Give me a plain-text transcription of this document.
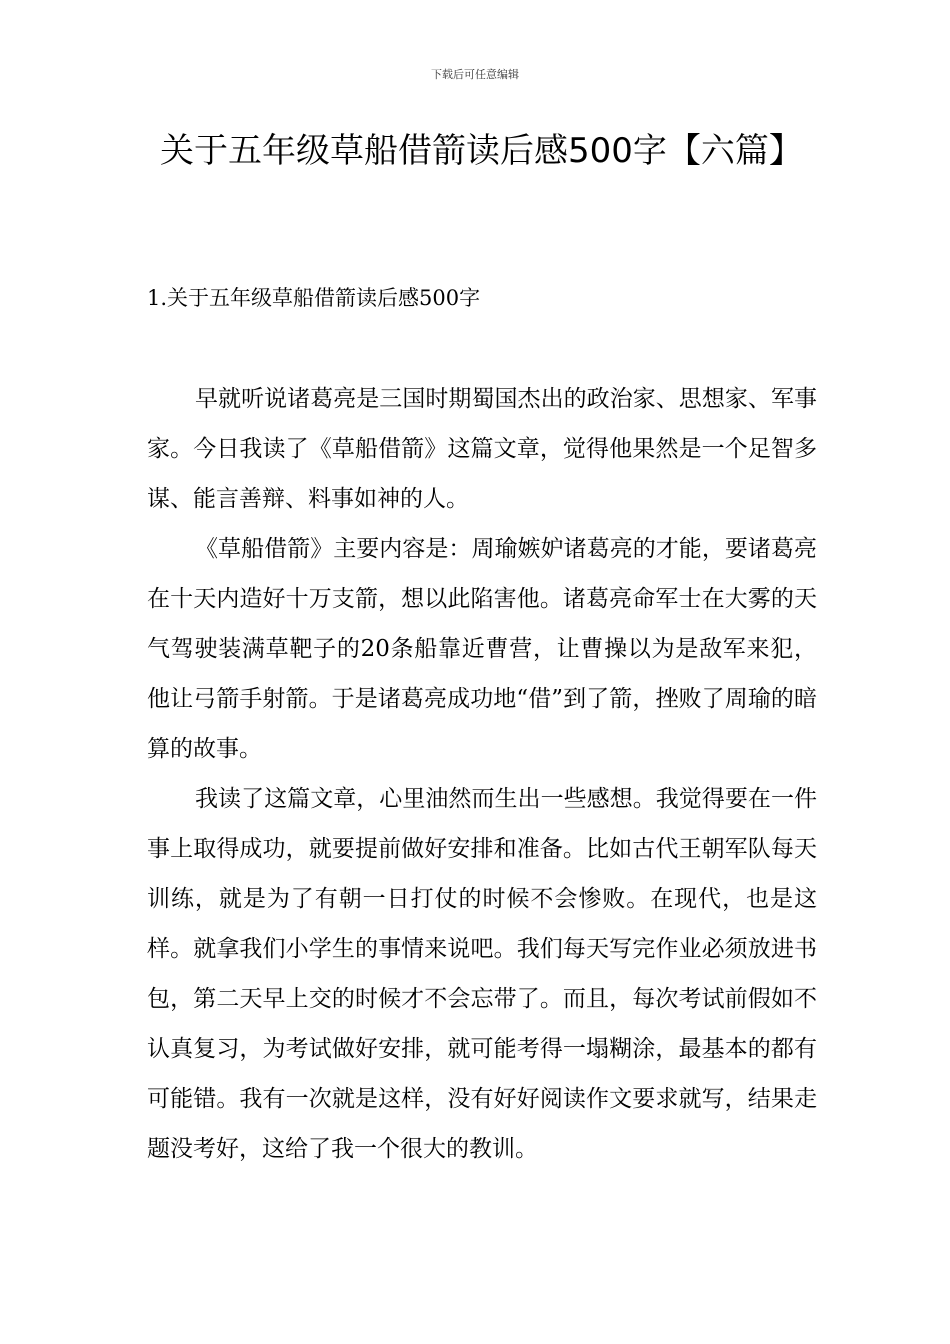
下载后可任意编辑
关于五年级草船借箭读后感500字【六篇】
1.关于五年级草船借箭读后感500字

早就听说诸葛亮是三国时期蜀国杰出的政治家、思想家、军事家。今日我读了《草船借箭》这篇文章，觉得他果然是一个足智多谋、能言善辩、料事如神的人。

《草船借箭》主要内容是：周瑜嫉妒诸葛亮的才能，要诸葛亮在十天内造好十万支箭，想以此陷害他。诸葛亮命军士在大雾的天气驾驶装满草靶子的20条船靠近曹营，让曹操以为是敌军来犯，他让弓箭手射箭。于是诸葛亮成功地“借”到了箭，挫败了周瑜的暗算的故事。

我读了这篇文章，心里油然而生出一些感想。我觉得要在一件事上取得成功，就要提前做好安排和准备。比如古代王朝军队每天训练，就是为了有朝一日打仗的时候不会惨败。在现代，也是这样。就拿我们小学生的事情来说吧。我们每天写完作业必须放进书包，第二天早上交的时候才不会忘带了。而且，每次考试前假如不认真复习，为考试做好安排，就可能考得一塌糊涂，最基本的都有可能错。我有一次就是这样，没有好好阅读作文要求就写，结果走题没考好，这给了我一个很大的教训。
